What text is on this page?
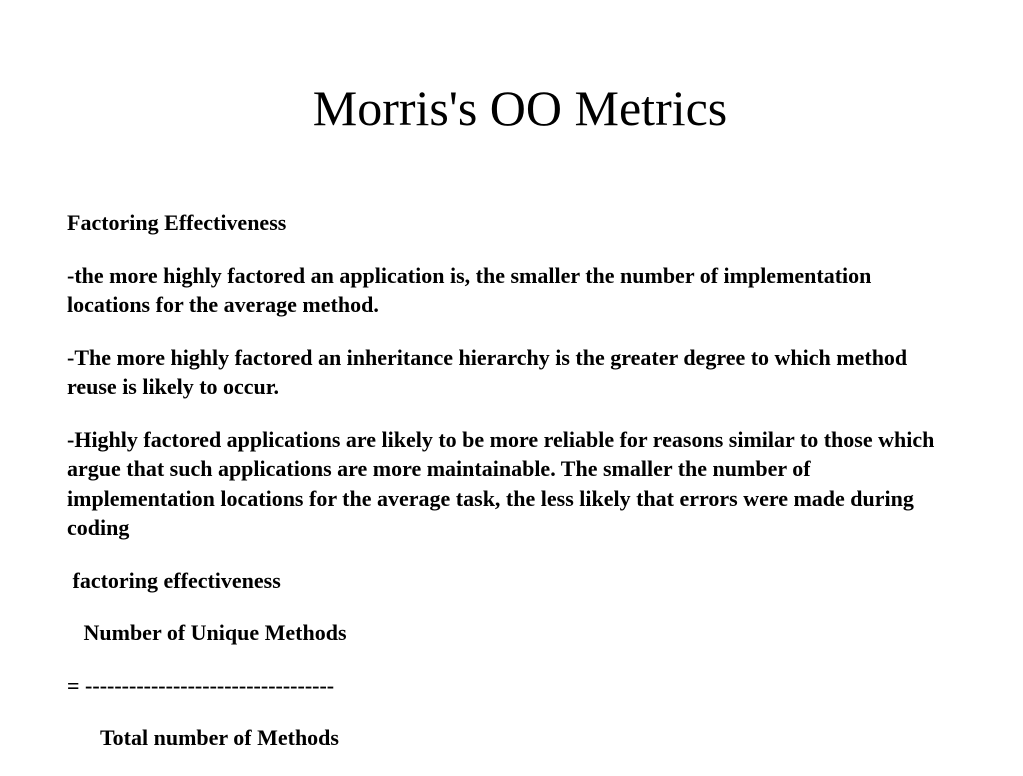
Morris's OO Metrics

Factoring Effectiveness

-the more highly factored an application is, the smaller the number of implementation locations for the average method.

-The more highly factored an inheritance hierarchy is the greater degree to which method reuse is likely to occur.

-Highly factored applications are likely to be more reliable for reasons similar to those which argue that such applications are more maintainable. The smaller the number of implementation locations for the average task, the less likely that errors were made during coding

factoring effectiveness

Number of Unique Methods

= ----------------------------------

Total number of Methods
